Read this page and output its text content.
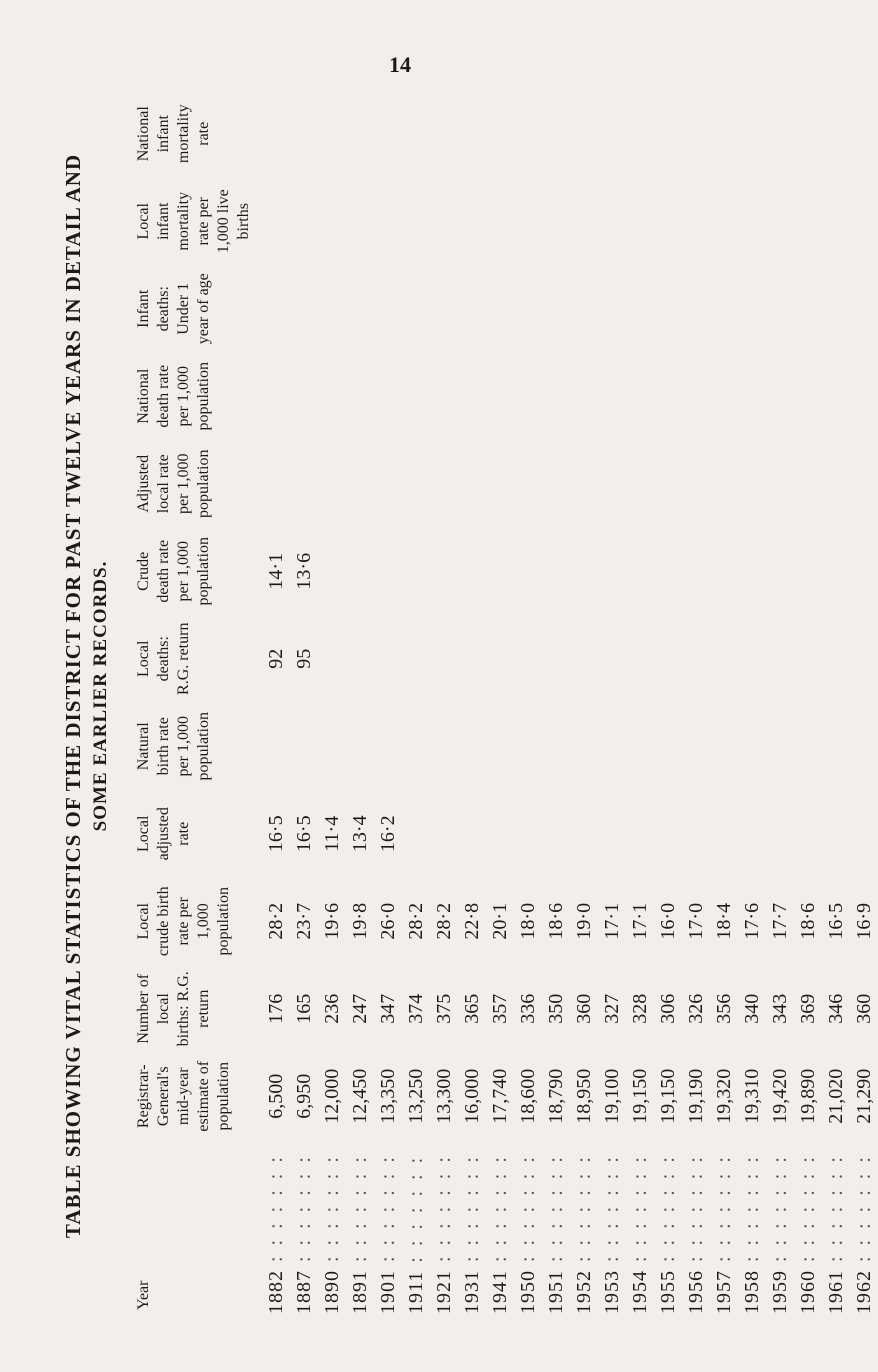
14
TABLE SHOWING VITAL STATISTICS OF THE DISTRICT FOR PAST TWELVE YEARS IN DETAIL AND SOME EARLIER RECORDS.
Year	Registrar-General's mid-year estimate of population	Number of local births: R.G. return	Local crude birth rate per 1,000 population	Local adjusted rate	Natural birth rate per 1,000 population	Local deaths: R.G. return	Crude death rate per 1,000 population	Adjusted local rate per 1,000 population	National death rate per 1,000 population	Infant deaths: Under 1 year of age	Local infant mortality rate per 1,000 live births	National infant mortality rate
1882 : : : : : : :	6,500	176	28·2	16·5		92	14·1					
1887 : : : : : : :	6,950	165	23·7	16·5		95	13·6					
1890 : : : : : : :	12,000	236	19·6	11·4								
1891 : : : : : : :	12,450	247	19·8	13·4								
1901 : : : : : : :	13,350	347	26·0	16·2								
1911 : : : : : : :	13,250	374	28·2									
1921 : : : : : : :	13,300	375	28·2									
1931 : : : : : : :	16,000	365	22·8									
1941 : : : : : : :	17,740	357	20·1									
1950 : : : : : : :	18,600	336	18·0									
1951 : : : : : : :	18,790	350	18·6									
1952 : : : : : : :	18,950	360	19·0									
1953 : : : : : : :	19,100	327	17·1									
1954 : : : : : : :	19,150	328	17·1									
1955 : : : : : : :	19,150	306	16·0									
1956 : : : : : : :	19,190	326	17·0									
1957 : : : : : : :	19,320	356	18·4									
1958 : : : : : : :	19,310	340	17·6									
1959 : : : : : : :	19,420	343	17·7									
1960 : : : : : : :	19,890	369	18·6									
1961 : : : : : : :	21,020	346	16·5									
1962 : : : : : : :	21,290	360	16·9									
